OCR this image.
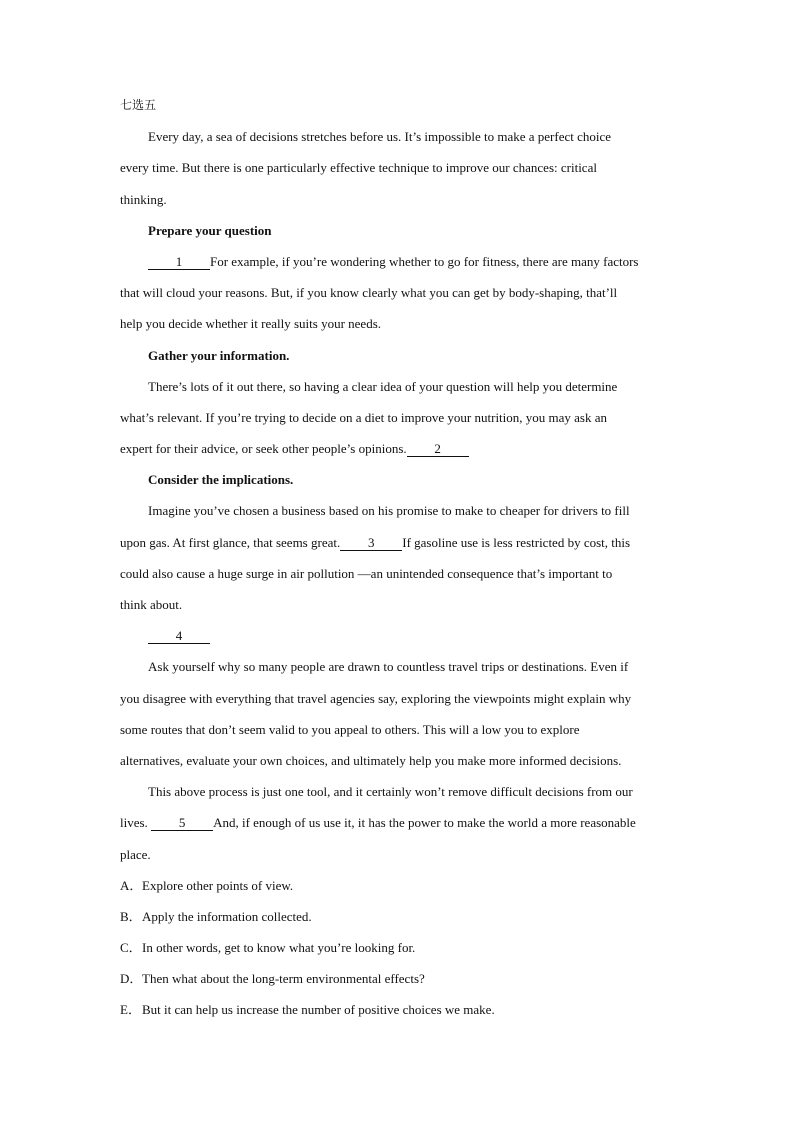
七选五
Every day, a sea of decisions stretches before us. It’s impossible to make a perfect choice
every time. But there is one particularly effective technique to improve our chances: critical
thinking.
Prepare your question
1 For example, if you’re wondering whether to go for fitness, there are many factors
that will cloud your reasons. But, if you know clearly what you can get by body-shaping, that’ll
help you decide whether it really suits your needs.
Gather your information.
There’s lots of it out there, so having a clear idea of your question will help you determine
what’s relevant. If you’re trying to decide on a diet to improve your nutrition, you may ask an
expert for their advice, or seek other people’s opinions. 2
Consider the implications.
Imagine you’ve chosen a business based on his promise to make to cheaper for drivers to fill
upon gas. At first glance, that seems great. 3 If gasoline use is less restricted by cost, this
could also cause a huge surge in air pollution —an unintended consequence that’s important to
think about.
4
Ask yourself why so many people are drawn to countless travel trips or destinations. Even if
you disagree with everything that travel agencies say, exploring the viewpoints might explain why
some routes that don’t seem valid to you appeal to others. This will a low you to explore
alternatives, evaluate your own choices, and ultimately help you make more informed decisions.
This above process is just one tool, and it certainly won’t remove difficult decisions from our
lives. 5 And, if enough of us use it, it has the power to make the world a more reasonable
place.
A．Explore other points of view.
B．Apply the information collected.
C．In other words, get to know what you’re looking for.
D．Then what about the long-term environmental effects?
E．But it can help us increase the number of positive choices we make.
